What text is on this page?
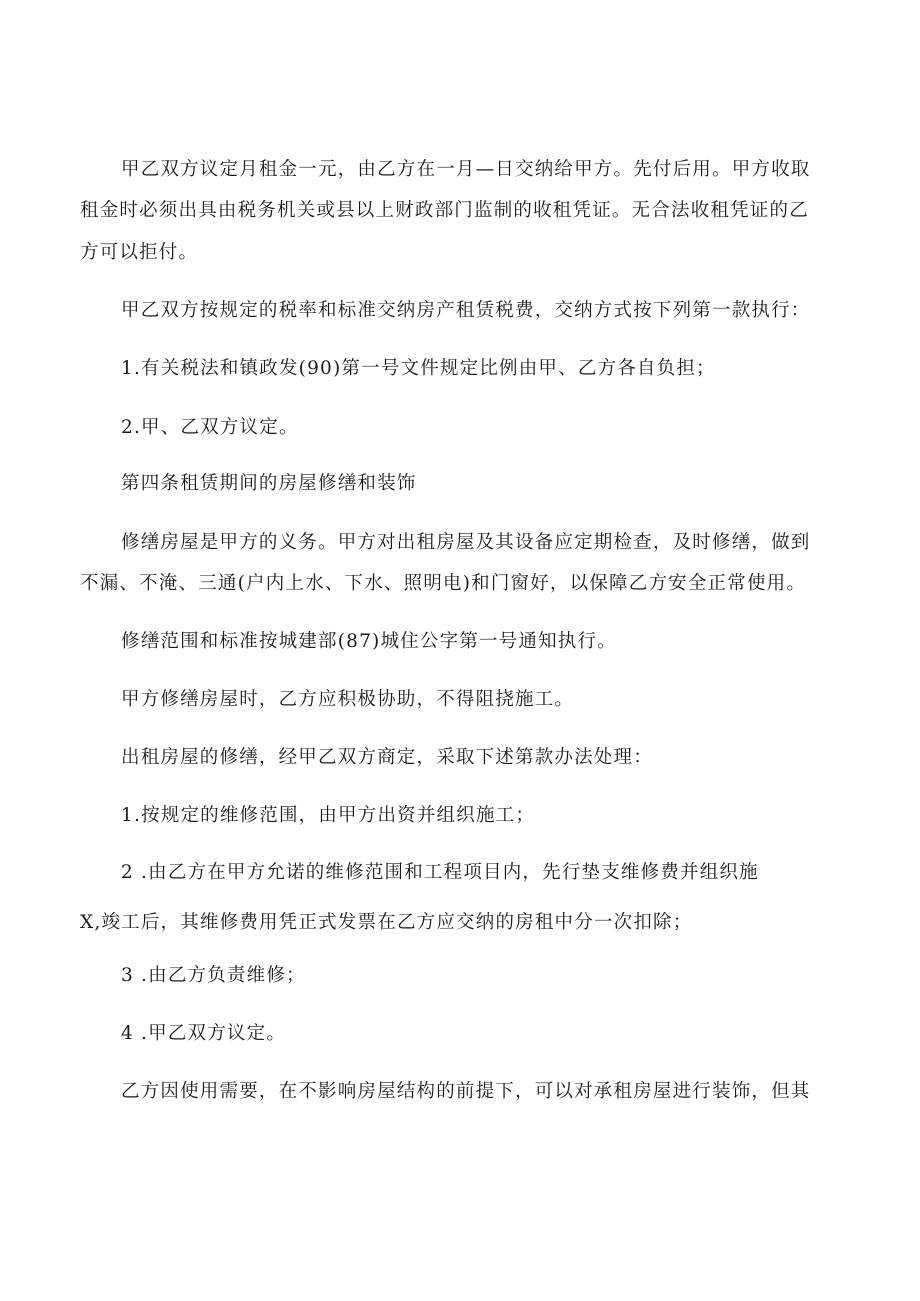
甲乙双方议定月租金一元，由乙方在一月—日交纳给甲方。先付后用。甲方收取
租金时必须出具由税务机关或县以上财政部门监制的收租凭证。无合法收租凭证的乙
方可以拒付。
甲乙双方按规定的税率和标准交纳房产租赁税费，交纳方式按下列第一款执行：
1.有关税法和镇政发(90)第一号文件规定比例由甲、乙方各自负担；
2.甲、乙双方议定。
第四条租赁期间的房屋修缮和装饰
修缮房屋是甲方的义务。甲方对出租房屋及其设备应定期检查，及时修缮，做到
不漏、不淹、三通(户内上水、下水、照明电)和门窗好，以保障乙方安全正常使用。
修缮范围和标准按城建部(87)城住公字第一号通知执行。
甲方修缮房屋时，乙方应积极协助，不得阻挠施工。
出租房屋的修缮，经甲乙双方商定，采取下述第款办法处理：
1.按规定的维修范围，由甲方出资并组织施工；
2 .由乙方在甲方允诺的维修范围和工程项目内，先行垫支维修费并组织施
X,竣工后，其维修费用凭正式发票在乙方应交纳的房租中分一次扣除；
3 .由乙方负责维修；
4 .甲乙双方议定。
乙方因使用需要，在不影响房屋结构的前提下，可以对承租房屋进行装饰，但其
